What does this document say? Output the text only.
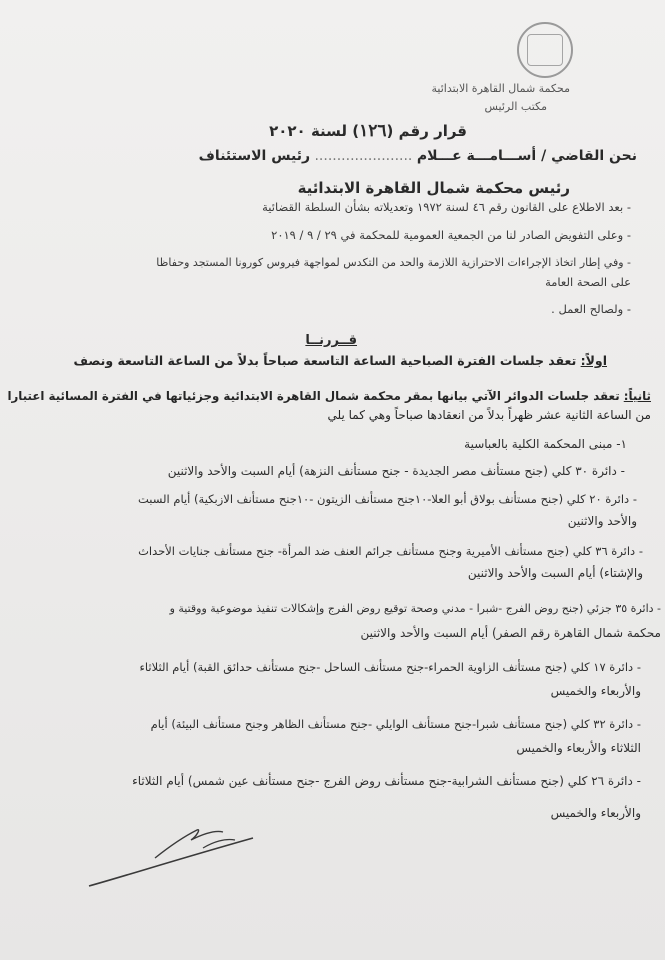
محكمة شمال القاهرة الابتدائية
مكتب الرئيس
قرار رقم (١٢٦) لسنة ٢٠٢٠
نحن القاضي / أســـامـــة عـــلام ...................... رئيس الاستئناف
رئيس محكمة شمال القاهرة الابتدائية
- بعد الاطلاع على القانون رقم ٤٦ لسنة ١٩٧٢ وتعديلاته بشأن السلطة القضائية
- وعلى التفويض الصادر لنا من الجمعية العمومية للمحكمة في ٢٩ / ٩ / ٢٠١٩
- وفي إطار اتخاذ الإجراءات الاحترازية اللازمة والحد من التكدس لمواجهة فيروس كورونا المستجد وحفاظا
على الصحة العامة
- ولصالح العمل .
قــررنــا
اولاً: تعقد جلسات الفترة الصباحية الساعة التاسعة صباحاً بدلاً من الساعة التاسعة ونصف
ثانياً: تعقد جلسات الدوائر الآتي بيانها بمقر محكمة شمال القاهرة الابتدائية وجزئياتها في الفترة المسائية اعتبارا
من الساعة الثانية عشر ظهراً بدلاً من انعقادها صباحاً وهي كما يلي
١- مبنى المحكمة الكلية بالعباسية
- دائرة ٣٠ كلي (جنح مستأنف مصر الجديدة - جنح مستأنف النزهة) أيام السبت والأحد والاثنين
- دائرة ٢٠ كلي (جنح مستأنف بولاق أبو العلا-١٠جنح مستأنف الزيتون -١٠جنح مستأنف الازبكية) أيام السبت
والأحد والاثنين
- دائرة ٣٦ كلي (جنح مستأنف الأميرية وجنح مستأنف جرائم العنف ضد المرأة- جنح مستأنف جنايات الأحداث
والإشتاء) أيام السبت والأحد والاثنين
- دائرة ٣٥ جزئي (جنح روض الفرج -شبرا - مدني وصحة توقيع روض الفرج وإشكالات تنفيذ موضوعية ووقتية و
محكمة شمال القاهرة رقم الصفر) أيام السبت والأحد والاثنين
- دائرة ١٧ كلي (جنح مستأنف الزاوية الحمراء-جنح مستأنف الساحل -جنح مستأنف حدائق القبة) أيام الثلاثاء
والأربعاء والخميس
- دائرة ٣٢ كلي (جنح مستأنف شبرا-جنح مستأنف الوايلي -جنح مستأنف الظاهر وجنح مستأنف البيئة) أيام
الثلاثاء والأربعاء والخميس
- دائرة ٢٦ كلي (جنح مستأنف الشرابية-جنح مستأنف روض الفرج -جنح مستأنف عين شمس) أيام الثلاثاء
والأربعاء والخميس
